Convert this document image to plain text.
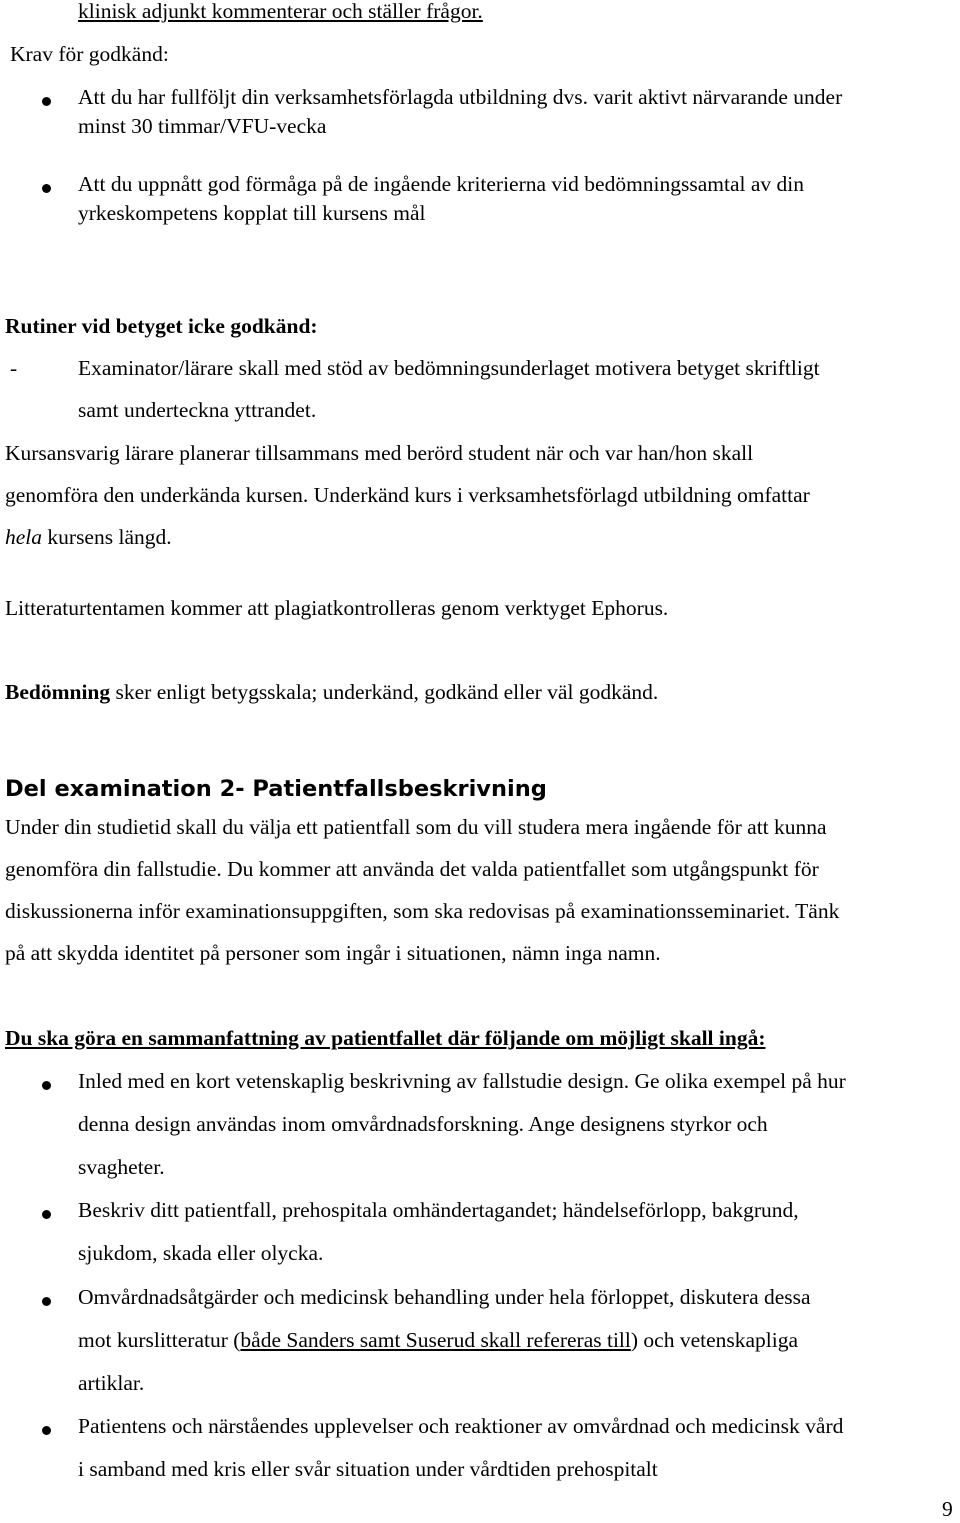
klinisk adjunkt kommenterar och ställer frågor.
Krav för godkänd:
Att du har fullföljt din verksamhetsförlagda utbildning dvs. varit aktivt närvarande under
minst 30 timmar/VFU-vecka
Att du uppnått god förmåga på de ingående kriterierna vid bedömningssamtal av din
yrkeskompetens kopplat till kursens mål
Rutiner vid betyget icke godkänd:
-	Examinator/lärare skall med stöd av bedömningsunderlaget motivera betyget skriftligt
samt underteckna yttrandet.
Kursansvarig lärare planerar tillsammans med berörd student när och var han/hon skall
genomföra den underkända kursen. Underkänd kurs i verksamhetsförlagd utbildning omfattar
hela kursens längd.
Litteraturtentamen kommer att plagiatkontrolleras genom verktyget Ephorus.
Bedömning sker enligt betygsskala; underkänd, godkänd eller väl godkänd.
Del examination 2- Patientfallsbeskrivning
Under din studietid skall du välja ett patientfall som du vill studera mera ingående för att kunna
genomföra din fallstudie. Du kommer att använda det valda patientfallet som utgångspunkt för
diskussionerna inför examinationsuppgiften, som ska redovisas på examinationsseminariet. Tänk
på att skydda identitet på personer som ingår i situationen, nämn inga namn.
Du ska göra en sammanfattning av patientfallet där följande om möjligt skall ingå:
Inled med en kort vetenskaplig beskrivning av fallstudie design. Ge olika exempel på hur
denna design användas inom omvårdnadsforskning. Ange designens styrkor och
svagheter.
Beskriv ditt patientfall, prehospitala omhändertagandet; händelseförlopp, bakgrund,
sjukdom, skada eller olycka.
Omvårdnadsåtgärder och medicinsk behandling under hela förloppet, diskutera dessa
mot kurslitteratur (både Sanders samt Suserud skall refereras till) och vetenskapliga
artiklar.
Patientens och närståendes upplevelser och reaktioner av omvårdnad och medicinsk vård
i samband med kris eller svår situation under vårdtiden prehospitalt
9
